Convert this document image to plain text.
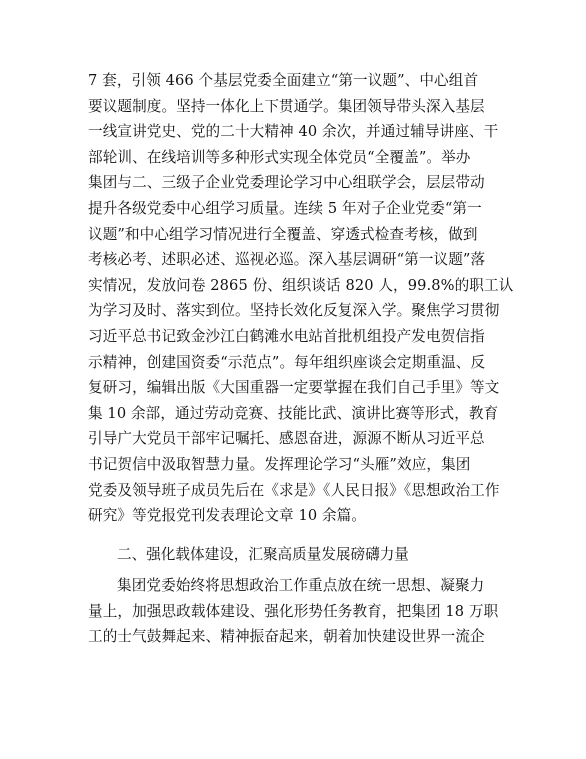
7 套，引领 466 个基层党委全面建立“第一议题”、中心组首
要议题制度。坚持一体化上下贯通学。集团领导带头深入基层
一线宣讲党史、党的二十大精神 40 余次，并通过辅导讲座、干
部轮训、在线培训等多种形式实现全体党员“全覆盖”。举办
集团与二、三级子企业党委理论学习中心组联学会，层层带动
提升各级党委中心组学习质量。连续 5 年对子企业党委“第一
议题”和中心组学习情况进行全覆盖、穿透式检查考核，做到
考核必考、述职必述、巡视必巡。深入基层调研“第一议题”落
实情况，发放问卷 2865 份、组织谈话 820 人，99.8%的职工认
为学习及时、落实到位。坚持长效化反复深入学。聚焦学习贯彻
习近平总书记致金沙江白鹤滩水电站首批机组投产发电贺信指
示精神，创建国资委“示范点”。每年组织座谈会定期重温、反
复研习，编辑出版《大国重器一定要掌握在我们自己手里》等文
集 10 余部，通过劳动竞赛、技能比武、演讲比赛等形式，教育
引导广大党员干部牢记嘱托、感恩奋进，源源不断从习近平总
书记贺信中汲取智慧力量。发挥理论学习“头雁”效应，集团
党委及领导班子成员先后在《求是》《人民日报》《思想政治工作
研究》等党报党刊发表理论文章 10 余篇。
二、强化载体建设，汇聚高质量发展磅礴力量
集团党委始终将思想政治工作重点放在统一思想、凝聚力
量上，加强思政载体建设、强化形势任务教育，把集团 18 万职
工的士气鼓舞起来、精神振奋起来，朝着加快建设世界一流企
